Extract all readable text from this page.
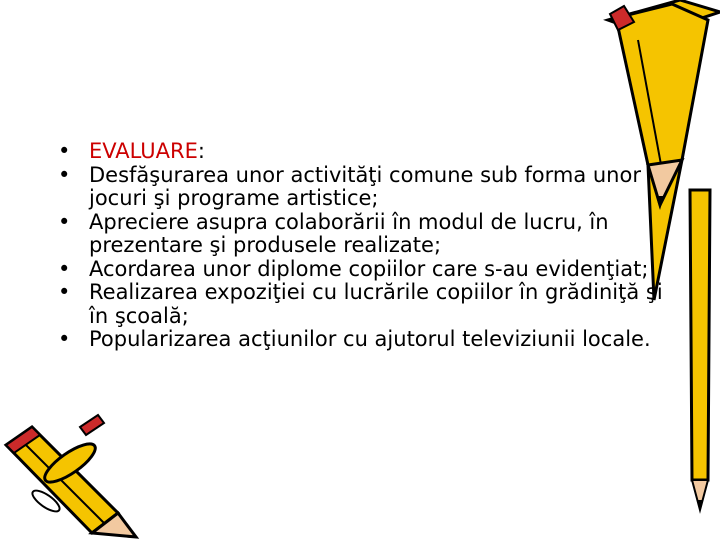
• EVALUARE:
• Desfăşurarea unor activităţi comune sub forma unor jocuri şi programe artistice;
• Apreciere asupra colaborării în modul de lucru, în prezentare şi produsele realizate;
• Acordarea unor diplome copiilor care s-au evidenţiat;
• Realizarea expoziţiei cu lucrările copiilor în grădiniţă şi în şcoală;
• Popularizarea acţiunilor cu ajutorul televiziunii locale.
